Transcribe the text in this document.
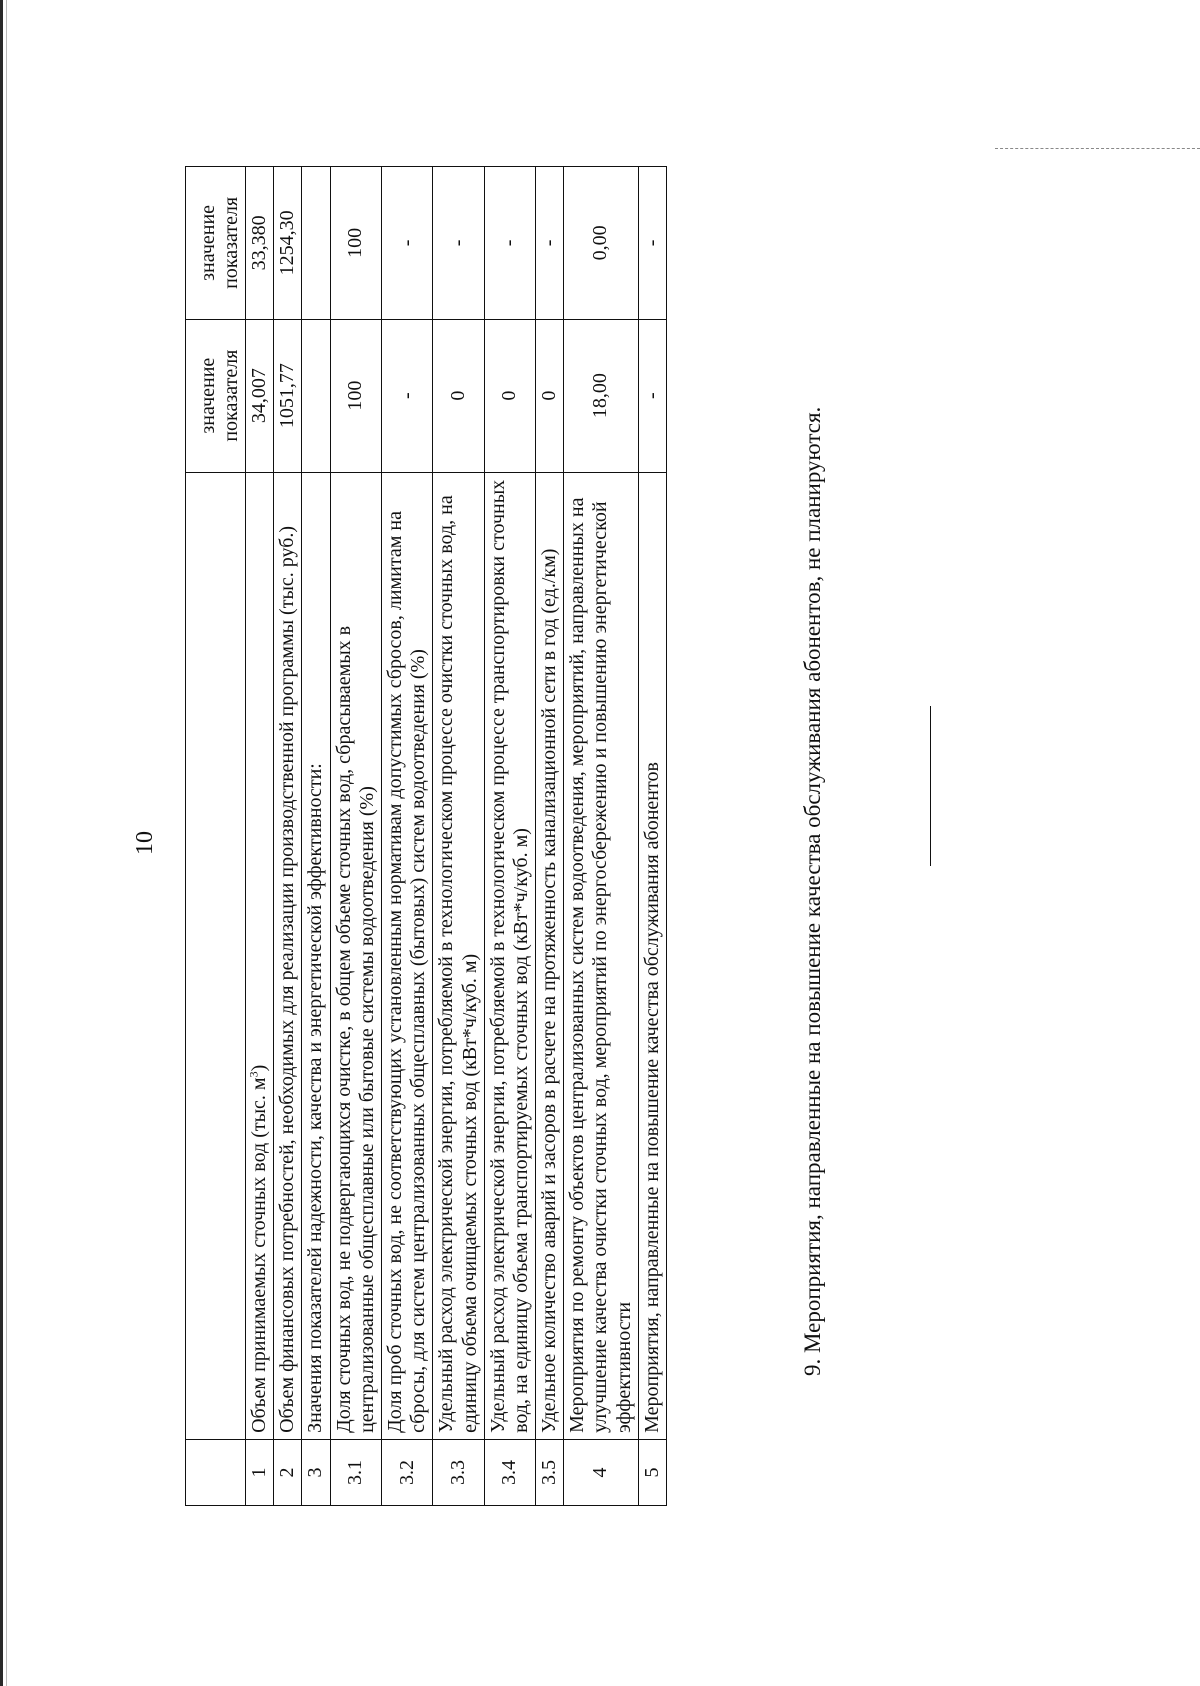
10
		значение показателя	значение показателя
1	Объем принимаемых сточных вод (тыс. $м^3$)	34,007	33,380
2	Объем финансовых потребностей, необходимых для реализации производственной программы (тыс. руб.)	1051,77	1254,30
3	Значения показателей надежности, качества и энергетической эффективности:		
3.1	Доля сточных вод, не подвергающихся очистке, в общем объеме сточных вод, сбрасываемых в централизованные общесплавные или бытовые системы водоотведения (%)	100	100
3.2	Доля проб сточных вод, не соответствующих установленным нормативам допустимых сбросов, лимитам на сбросы, для систем централизованных общесплавных (бытовых) систем водоотведения (%)	-	-
3.3	Удельный расход электрической энергии, потребляемой в технологическом процессе очистки сточных вод, на единицу объема очищаемых сточных вод (кВт*ч/куб. м)	0	-
3.4	Удельный расход электрической энергии, потребляемой в технологическом процессе транспортировки сточных вод, на единицу объема транспортируемых сточных вод (кВт*ч/куб. м)	0	-
3.5	Удельное количество аварий и засоров в расчете на протяженность канализационной сети в год (ед./км)	0	-
4	Мероприятия по ремонту объектов централизованных систем водоотведения, мероприятий, направленных на улучшение качества очистки сточных вод, мероприятий по энергосбережению и повышению энергетической эффективности	18,00	0,00
5	Мероприятия, направленные на повышение качества обслуживания абонентов	-	-
9. Мероприятия, направленные на повышение качества обслуживания абонентов, не планируются.
